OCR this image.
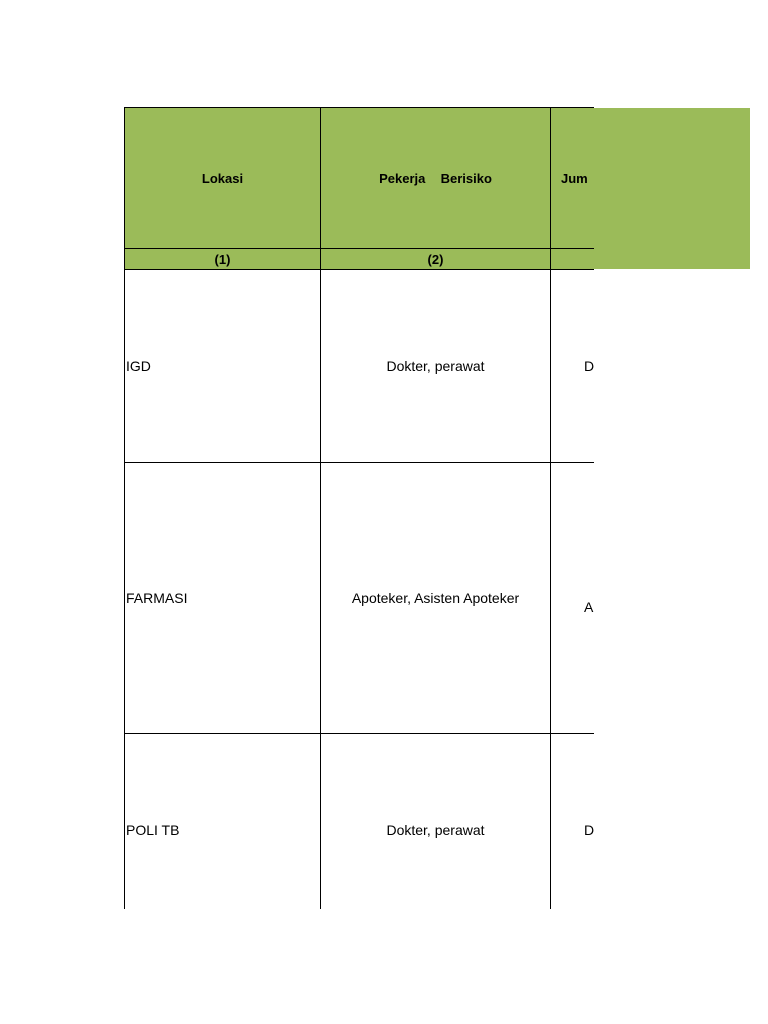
Lokasi	Pekerja  Berisiko	Jum
(1)	(2)	
IGD	Dokter, perawat	D
FARMASI	Apoteker, Asisten Apoteker	A
POLI TB	Dokter, perawat	D
